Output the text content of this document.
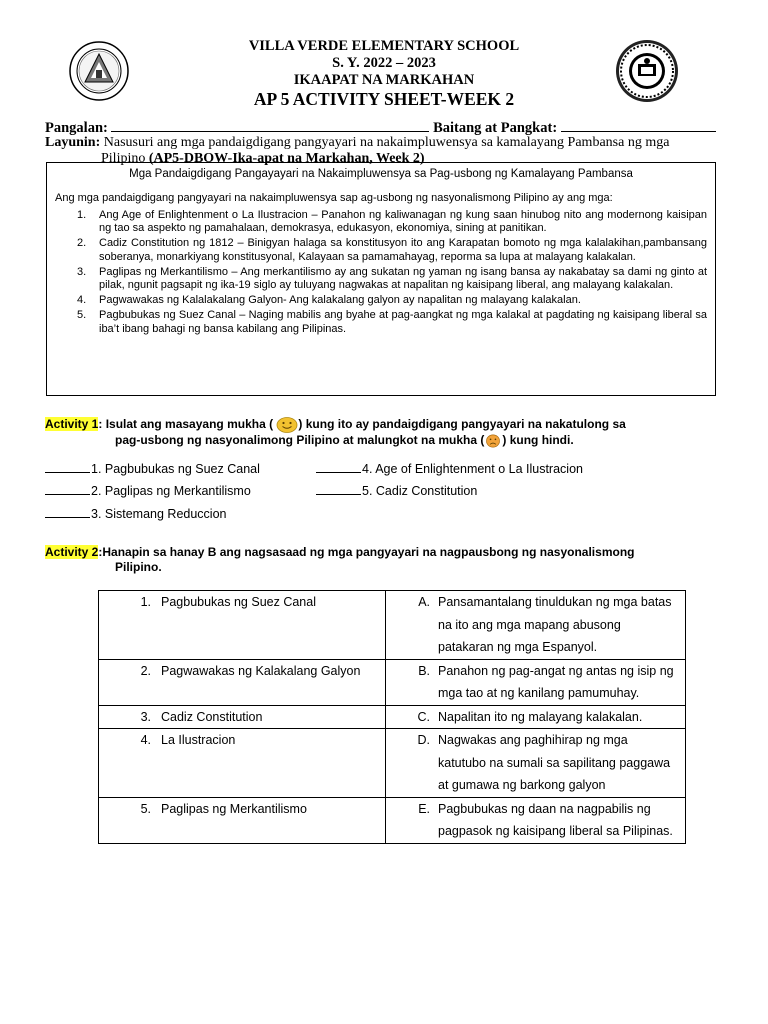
VILLA VERDE ELEMENTARY SCHOOL
S. Y. 2022 – 2023
IKAAPAT NA MARKAHAN
AP 5 ACTIVITY SHEET-WEEK 2
Pangalan:	Baitang at Pangkat:
Layunin: Nasusuri ang mga pandaigdigang pangyayari na nakaimpluwensya sa kamalayang Pambansa ng mga
Pilipino (AP5-DBOW-Ika-apat na Markahan, Week 2)
Mga Pandaigdigang Pangayayari na Nakaimpluwensya sa Pag-usbong ng Kamalayang Pambansa
Ang mga pandaigdigang pangyayari na nakaimpluwensya sap ag-usbong ng nasyonalismong Pilipino ay ang mga:
1.	Ang Age of Enlightenment o La Ilustracion – Panahon ng kaliwanagan ng kung saan hinubog nito ang modernong kaisipan ng tao sa aspekto ng pamahalaan, demokrasya, edukasyon, ekonomiya, sining at panitikan.
2.	Cadiz Constitution ng 1812 – Binigyan halaga sa konstitusyon ito ang Karapatan bomoto ng mga kalalakihan,pambansang soberanya, monarkiyang konstitusyonal, Kalayaan sa pamamahayag, reporma sa lupa at malayang kalakalan.
3.	Paglipas ng Merkantilismo – Ang merkantilismo ay ang sukatan ng yaman ng isang bansa ay nakabatay sa dami ng ginto at pilak, ngunit pagsapit ng ika-19 siglo ay tuluyang nagwakas at napalitan ng kaisipang liberal, ang malayang kalakalan.
4.	Pagwawakas ng Kalalakalang Galyon- Ang kalakalang galyon ay napalitan ng malayang kalakalan.
5.	Pagbubukas ng Suez Canal – Naging mabilis ang byahe at pag-aangkat ng mga kalakal at pagdating ng kaisipang liberal sa iba’t ibang bahagi ng bansa kabilang ang Pilipinas.
Activity 1: Isulat ang masayang mukha ( ) kung ito ay pandaigdigang pangyayari na nakatulong sa
pag-usbong ng nasyonalimong Pilipino at malungkot na mukha ( ) kung hindi.
1. Pagbubukas ng Suez Canal
2. Paglipas ng Merkantilismo
3. Sistemang Reduccion
4. Age of Enlightenment o La Ilustracion
5. Cadiz Constitution
Activity 2:Hanapin sa hanay B ang nagsasaad ng mga pangyayari na nagpausbong ng nasyonalismong
Pilipino.
1. Pagbubukas ng Suez Canal	A. Pansamantalang tinuldukan ng mga batas na ito ang mga mapang abusong patakaran ng mga Espanyol.

2. Pagwawakas ng Kalakalang Galyon	B. Panahon ng pag-angat ng antas ng isip ng mga tao at ng kanilang pamumuhay.

3. Cadiz Constitution	C. Napalitan ito ng malayang kalakalan.

4. La Ilustracion	D. Nagwakas ang paghihirap ng mga katutubo na sumali sa sapilitang paggawa at gumawa ng barkong galyon

5. Paglipas ng Merkantilismo	E. Pagbubukas ng daan na nagpabilis ng pagpasok ng kaisipang liberal sa Pilipinas.
